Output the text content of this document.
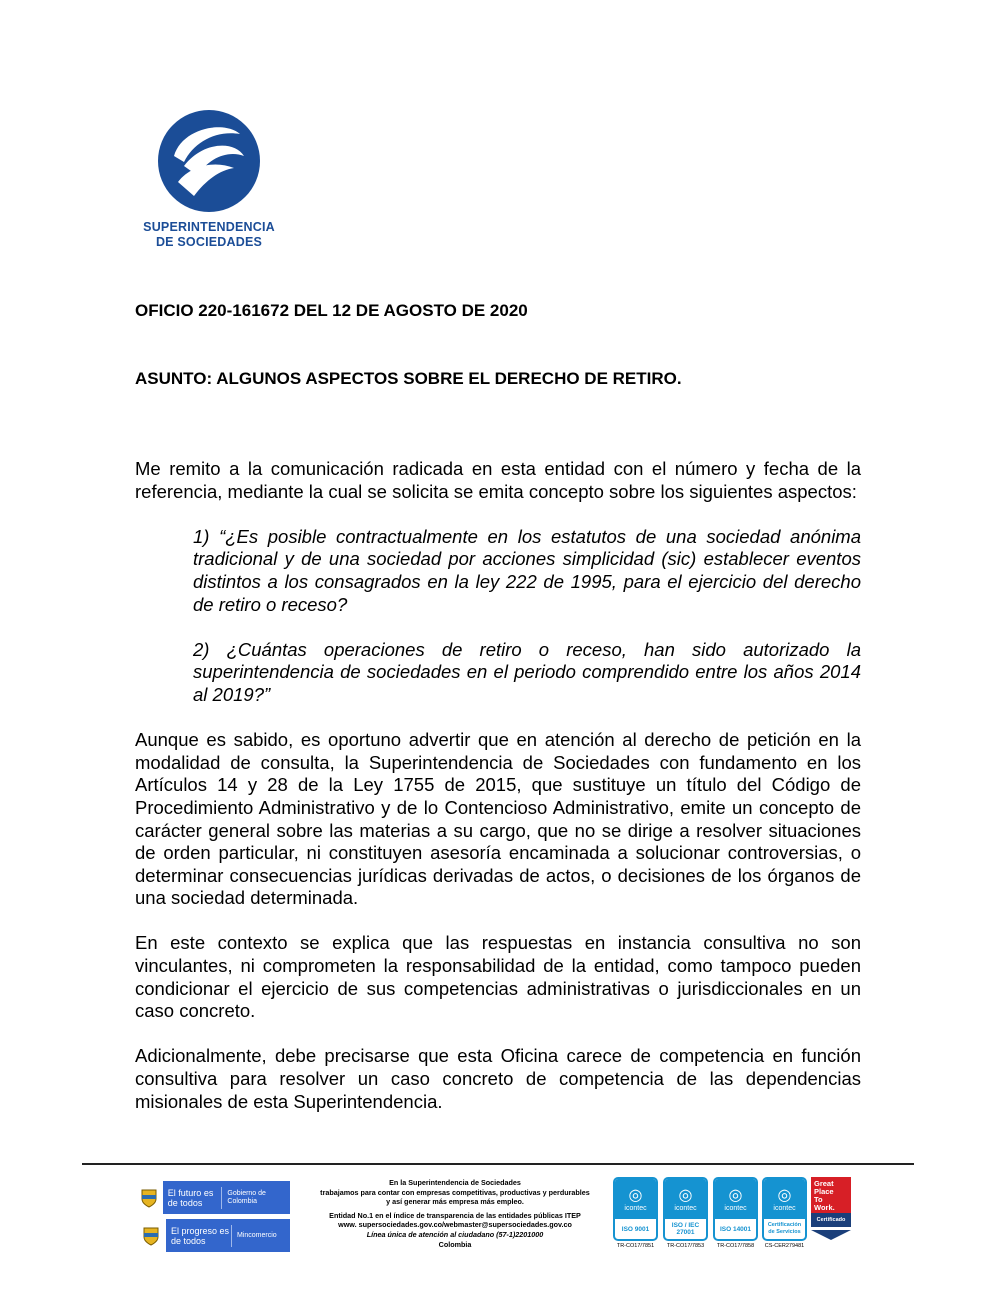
SUPERINTENDENCIA
DE SOCIEDADES
OFICIO 220-161672 DEL 12 DE AGOSTO DE 2020
ASUNTO: ALGUNOS ASPECTOS SOBRE EL DERECHO DE RETIRO.

Me remito a la comunicación radicada en esta entidad con el número y fecha de la referencia, mediante la cual se solicita se emita concepto sobre los siguientes aspectos:

1) “¿Es posible contractualmente en los estatutos de una sociedad anónima tradicional y de una sociedad por acciones simplicidad (sic) establecer eventos distintos a los consagrados en la ley 222 de 1995, para el ejercicio del derecho de retiro o receso?

2) ¿Cuántas operaciones de retiro o receso, han sido autorizado la superintendencia de sociedades en el periodo comprendido entre los años 2014 al 2019?”

Aunque es sabido, es oportuno advertir que en atención al derecho de petición en la modalidad de consulta, la Superintendencia de Sociedades con fundamento en los Artículos 14 y 28 de la Ley 1755 de 2015, que sustituye un título del Código de Procedimiento Administrativo y de lo Contencioso Administrativo, emite un concepto de carácter general sobre las materias a su cargo, que no se dirige a resolver situaciones de orden particular, ni constituyen asesoría encaminada a solucionar controversias, o determinar consecuencias jurídicas derivadas de actos, o decisiones de los órganos de una sociedad determinada.

En este contexto se explica que las respuestas en instancia consultiva no son vinculantes, ni comprometen la responsabilidad de la entidad, como tampoco pueden condicionar el ejercicio de sus competencias administrativas o jurisdiccionales en un caso concreto.

Adicionalmente, debe precisarse que esta Oficina carece de competencia en función consultiva para resolver un caso concreto de competencia de las dependencias misionales de esta Superintendencia.

El futuro es de todos
Gobierno de Colombia
El progreso es de todos
Mincomercio
En la Superintendencia de Sociedades
trabajamos para contar con empresas competitivas, productivas y perdurables
y así generar más empresa más empleo.
Entidad No.1 en el índice de transparencia de las entidades públicas ITEP
www. supersociedades.gov.co/webmaster@supersociedades.gov.co
Línea única de atención al ciudadano (57-1)2201000
Colombia
◎
icontec
ISO 9001
TR-CO17/7851
◎
icontec
ISO / IEC 27001
TR-CO17/7853
◎
icontec
ISO 14001
TR-CO17/7858
◎
icontec
Certificación de Servicios
CS-CER279481
Great
Place
To
Work.
Certificado
